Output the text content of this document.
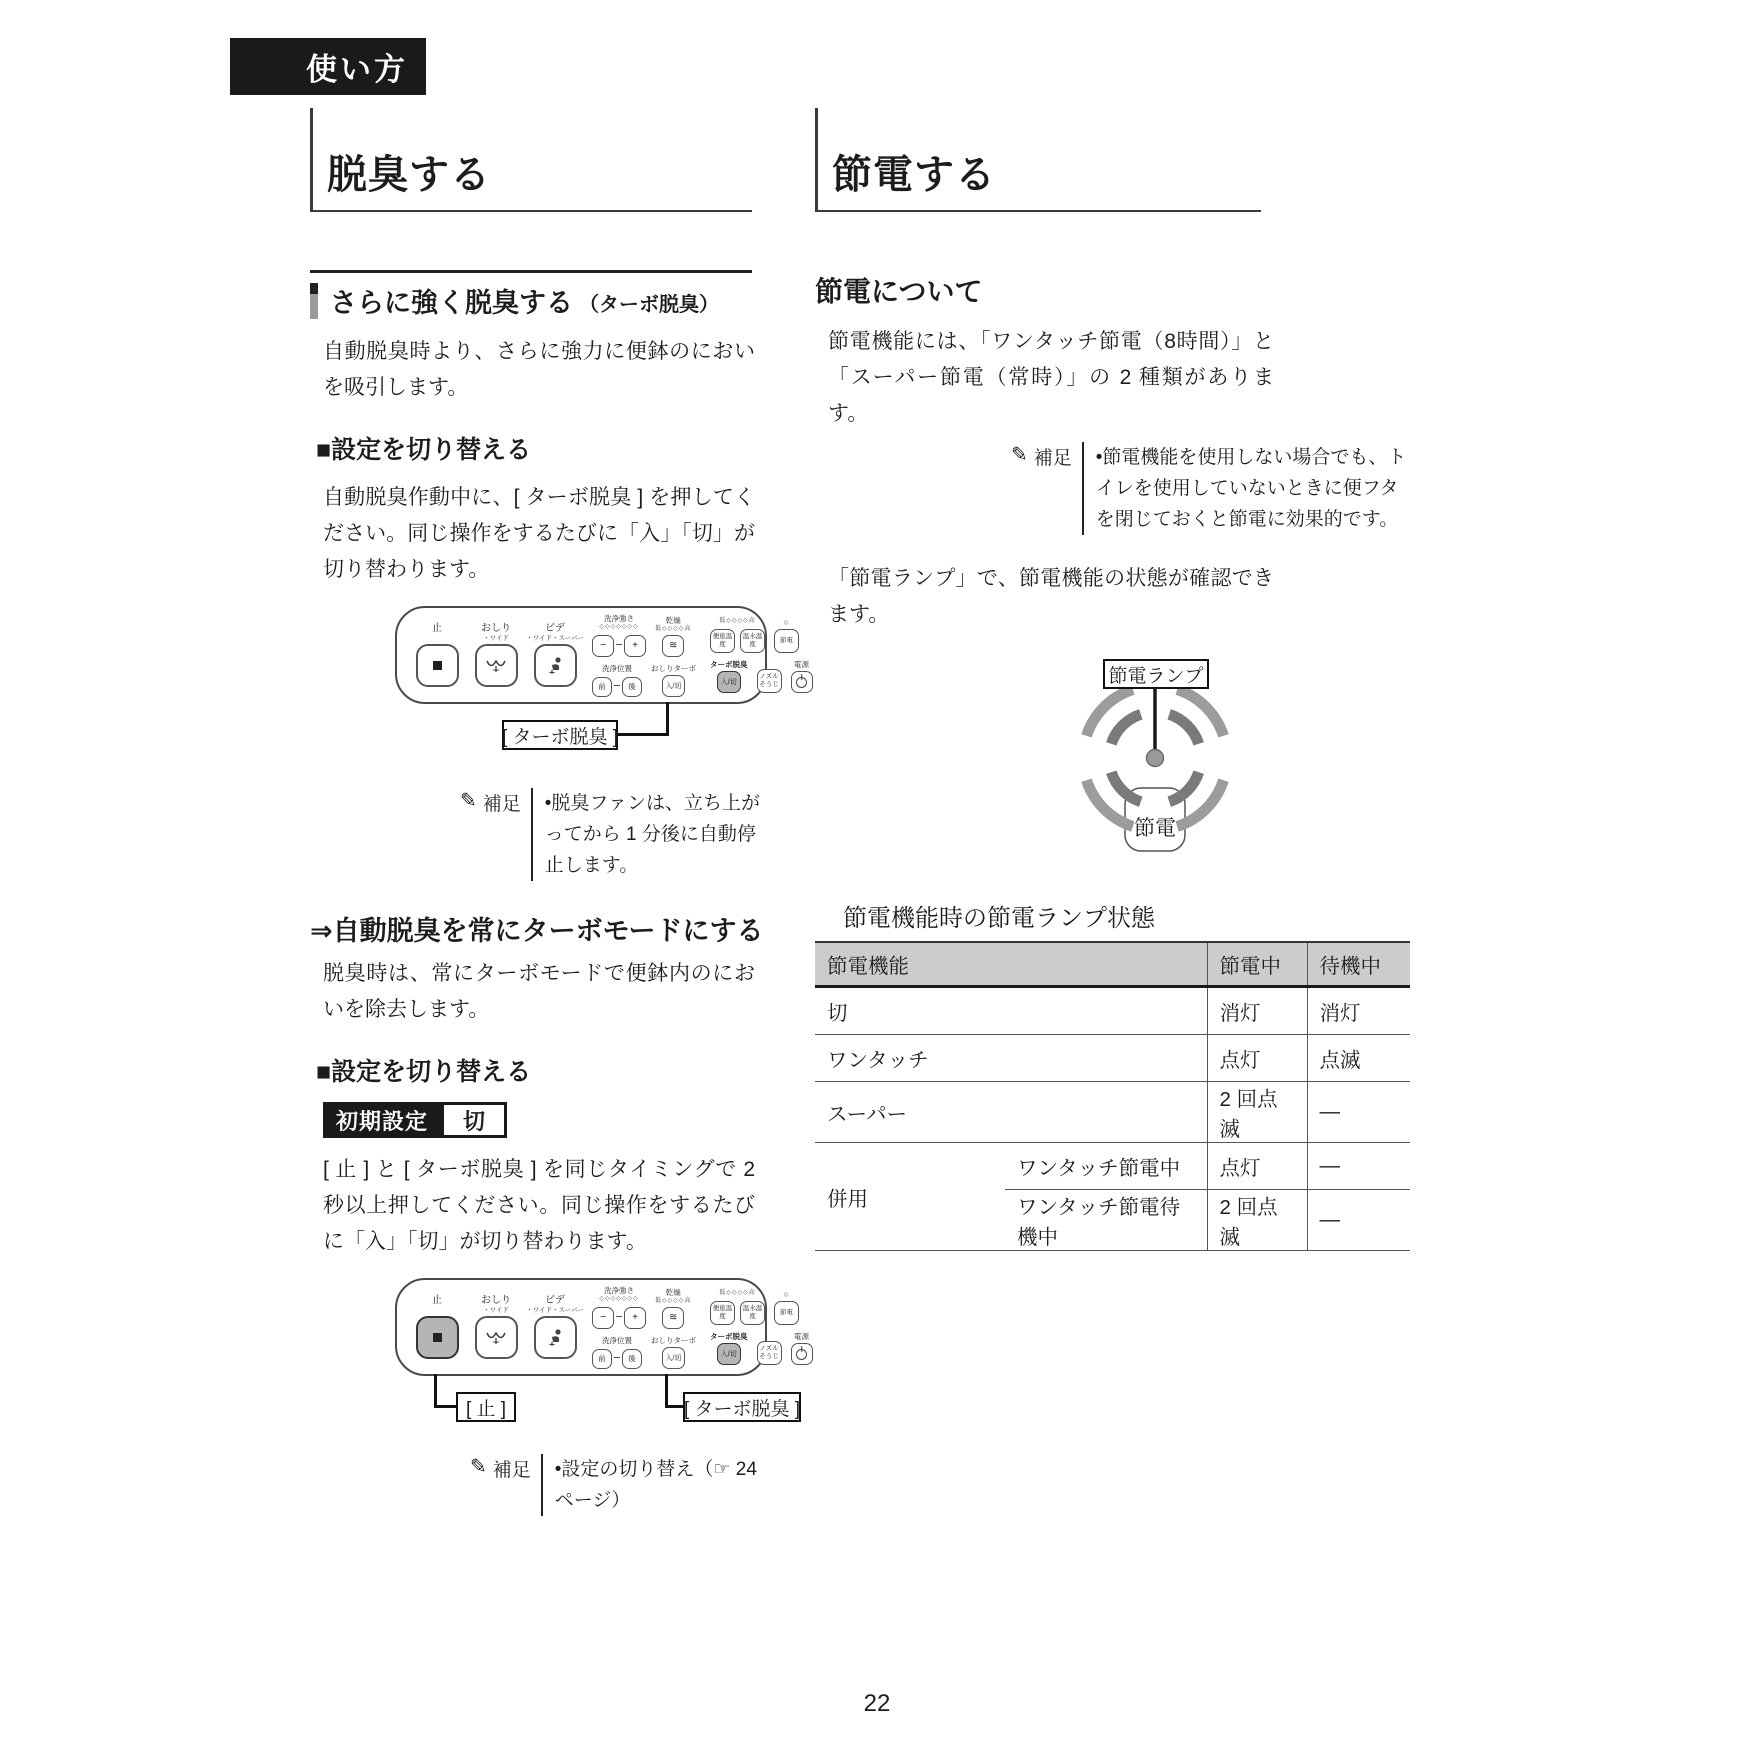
使い方
脱臭する
さらに強く脱臭する （ターボ脱臭）

自動脱臭時より、さらに強力に便鉢のにおいを吸引します。

■設定を切り替える

自動脱臭作動中に、[ ターボ脱臭 ] を押してください。同じ操作をするたびに「入」「切」が切り替わります。

止	おしり
・ワイド
ビデ
・ワイド・スーパー
洗浄強さ
◇◇◇◇◇◇◇
−	+
乾燥
低◇◇◇◇高
≋
洗浄位置
前	後
おしりターボ
入/切
低◇◇◇◇高
便座温度
温水温度
◇
節電
ターボ脱臭
入/切
ノズルそうじ
電源
[ ターボ脱臭 ]
✎ 補足	•脱臭ファンは、立ち上がってから 1 分後に自動停止します。
⇒自動脱臭を常にターボモードにする

脱臭時は、常にターボモードで便鉢内のにおいを除去します。

■設定を切り替える
初期設定	切

[ 止 ] と [ ターボ脱臭 ] を同じタイミングで 2 秒以上押してください。同じ操作をするたびに「入」「切」が切り替わります。

止	おしり
・ワイド
ビデ
・ワイド・スーパー
洗浄強さ
◇◇◇◇◇◇◇
−	+
乾燥
低◇◇◇◇高
≋
洗浄位置
前	後
おしりターボ
入/切
低◇◇◇◇高
便座温度
温水温度
◇
節電
ターボ脱臭
入/切
ノズルそうじ
電源
[ 止 ]	[ ターボ脱臭 ]
✎ 補足	•設定の切り替え（☞ 24 ページ）
節電する
節電について

節電機能には、「ワンタッチ節電（8時間）」と「スーパー節電（常時）」の 2 種類があります。

✎ 補足	•節電機能を使用しない場合でも、トイレを使用していないときに便フタを閉じておくと節電に効果的です。

「節電ランプ」で、節電機能の状態が確認できます。

節電
節電ランプ
節電機能時の節電ランプ状態
節電機能		節電中	待機中
切		消灯	消灯
ワンタッチ		点灯	点滅
スーパー		2 回点滅	—
併用	ワンタッチ節電中	点灯	—
	ワンタッチ節電待機中	2 回点滅	—
22
